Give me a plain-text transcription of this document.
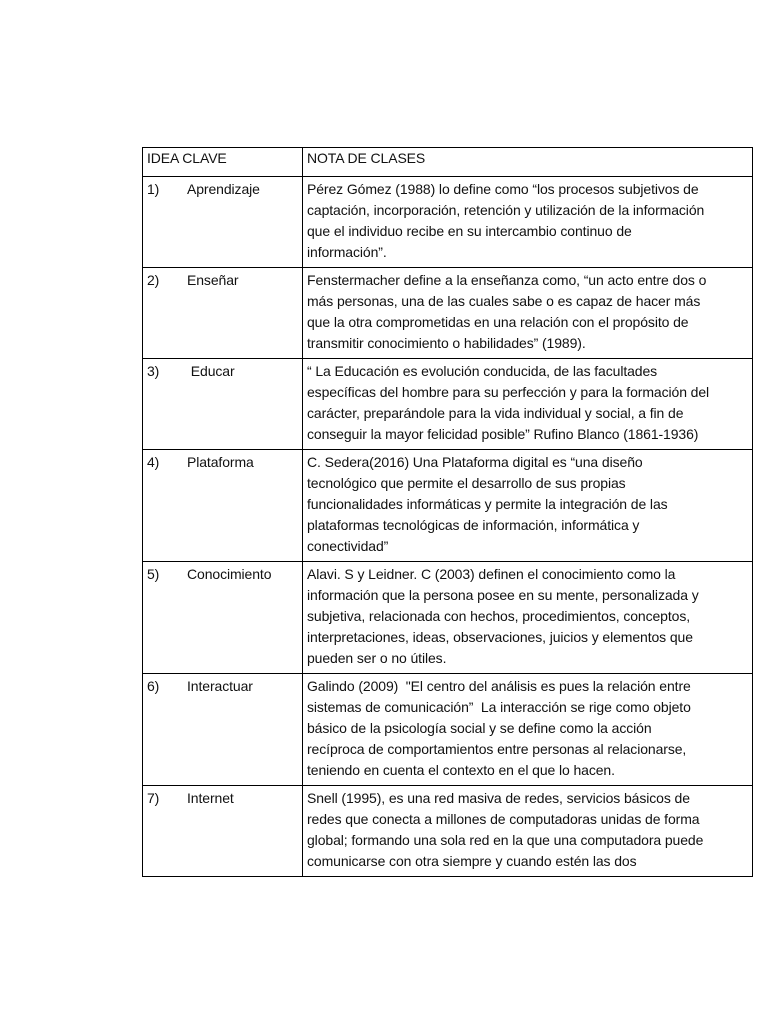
IDEA CLAVE	NOTA DE CLASES
1) Aprendizaje	Pérez Gómez (1988) lo define como “los procesos subjetivos de
captación, incorporación, retención y utilización de la información
que el individuo recibe en su intercambio continuo de
información”.

2) Enseñar	Fenstermacher define a la enseñanza como, “un acto entre dos o
más personas, una de las cuales sabe o es capaz de hacer más
que la otra comprometidas en una relación con el propósito de
transmitir conocimiento o habilidades” (1989).

3) Educar	“ La Educación es evolución conducida, de las facultades
específicas del hombre para su perfección y para la formación del
carácter, preparándole para la vida individual y social, a fin de
conseguir la mayor felicidad posible” Rufino Blanco (1861-1936)

4) Plataforma	C. Sedera(2016) Una Plataforma digital es “una diseño
tecnológico que permite el desarrollo de sus propias
funcionalidades informáticas y permite la integración de las
plataformas tecnológicas de información, informática y
conectividad”

5) Conocimiento	Alavi. S y Leidner. C (2003) definen el conocimiento como la
información que la persona posee en su mente, personalizada y
subjetiva, relacionada con hechos, procedimientos, conceptos,
interpretaciones, ideas, observaciones, juicios y elementos que
pueden ser o no útiles.

6) Interactuar	Galindo (2009)  "El centro del análisis es pues la relación entre
sistemas de comunicación”  La interacción se rige como objeto
básico de la psicología social y se define como la acción
recíproca de comportamientos entre personas al relacionarse,
teniendo en cuenta el contexto en el que lo hacen.

7) Internet	Snell (1995), es una red masiva de redes, servicios básicos de
redes que conecta a millones de computadoras unidas de forma
global; formando una sola red en la que una computadora puede
comunicarse con otra siempre y cuando estén las dos
